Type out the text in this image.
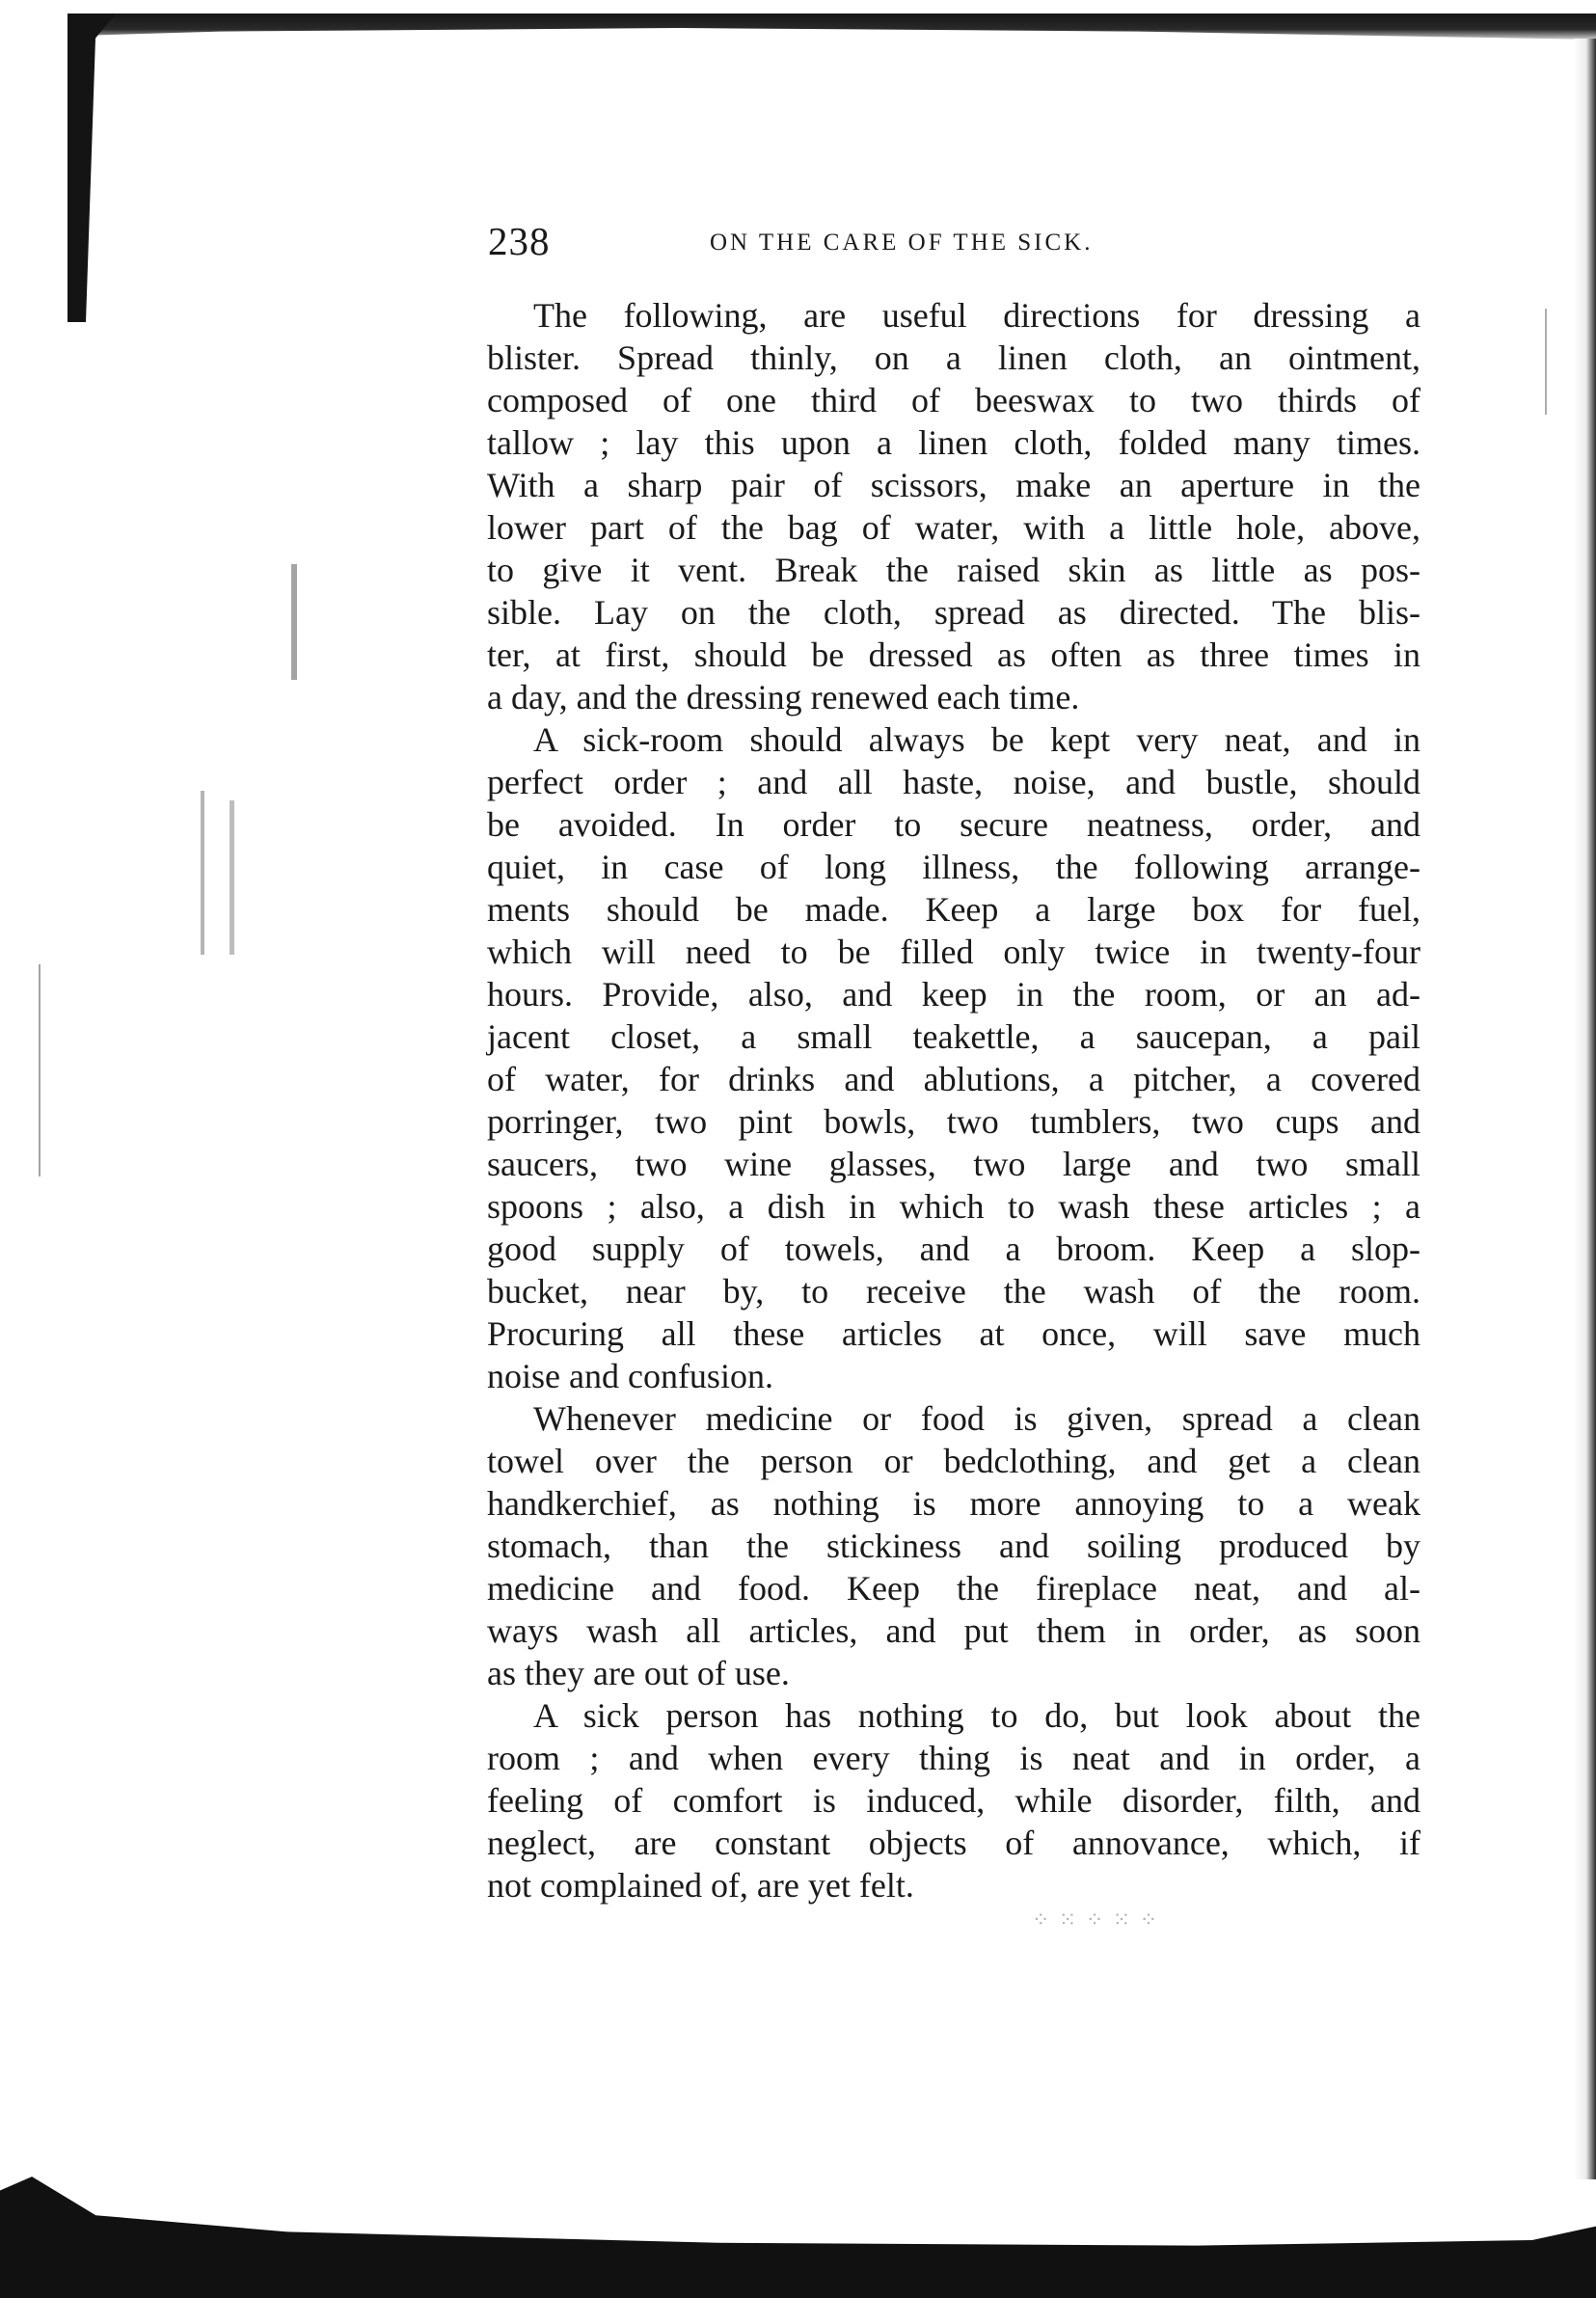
238	ON THE CARE OF THE SICK.
The following, are useful directions for dressing a
blister. Spread thinly, on a linen cloth, an ointment,
composed of one third of beeswax to two thirds of
tallow ; lay this upon a linen cloth, folded many times.
With a sharp pair of scissors, make an aperture in the
lower part of the bag of water, with a little hole, above,
to give it vent. Break the raised skin as little as pos-
sible. Lay on the cloth, spread as directed. The blis-
ter, at first, should be dressed as often as three times in
a day, and the dressing renewed each time.
A sick-room should always be kept very neat, and in
perfect order ; and all haste, noise, and bustle, should
be avoided. In order to secure neatness, order, and
quiet, in case of long illness, the following arrange-
ments should be made. Keep a large box for fuel,
which will need to be filled only twice in twenty-four
hours. Provide, also, and keep in the room, or an ad-
jacent closet, a small teakettle, a saucepan, a pail
of water, for drinks and ablutions, a pitcher, a covered
porringer, two pint bowls, two tumblers, two cups and
saucers, two wine glasses, two large and two small
spoons ; also, a dish in which to wash these articles ; a
good supply of towels, and a broom. Keep a slop-
bucket, near by, to receive the wash of the room.
Procuring all these articles at once, will save much
noise and confusion.
Whenever medicine or food is given, spread a clean
towel over the person or bedclothing, and get a clean
handkerchief, as nothing is more annoying to a weak
stomach, than the stickiness and soiling produced by
medicine and food. Keep the fireplace neat, and al-
ways wash all articles, and put them in order, as soon
as they are out of use.
A sick person has nothing to do, but look about the
room ; and when every thing is neat and in order, a
feeling of comfort is induced, while disorder, filth, and
neglect, are constant objects of annovance, which, if
not complained of, are yet felt.
⁘ ⁙ ⁘ ⁙ ⁘
